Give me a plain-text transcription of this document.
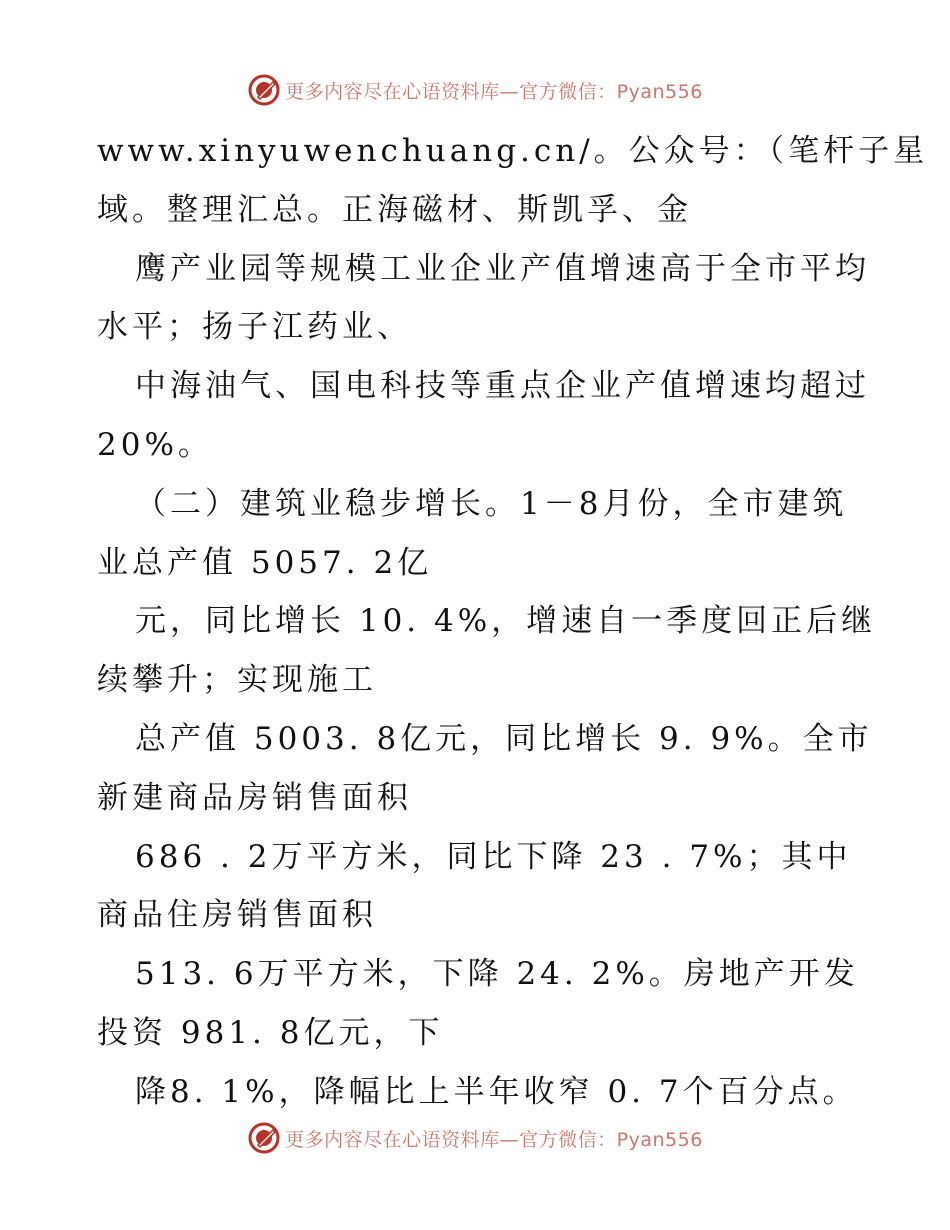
更多内容尽在心语资料库—官方微信：Pyan556
www.xinyuwenchuang.cn/。公众号：（笔杆子星
域。整理汇总。正海磁材、斯凯孚、金
鹰产业园等规模工业企业产值增速高于全市平均
水平；扬子江药业、
中海油气、国电科技等重点企业产值增速均超过
20%。
（二）建筑业稳步增长。1－8月份，全市建筑
业总产值 5057. 2亿
元，同比增长 10. 4%，增速自一季度回正后继
续攀升；实现施工
总产值 5003. 8亿元，同比增长 9. 9%。全市
新建商品房销售面积
686 . 2万平方米，同比下降 23 . 7%；其中
商品住房销售面积
513. 6万平方米，下降 24. 2%。房地产开发
投资 981. 8亿元，下
降8. 1%，降幅比上半年收窄 0. 7个百分点。
更多内容尽在心语资料库—官方微信：Pyan556
